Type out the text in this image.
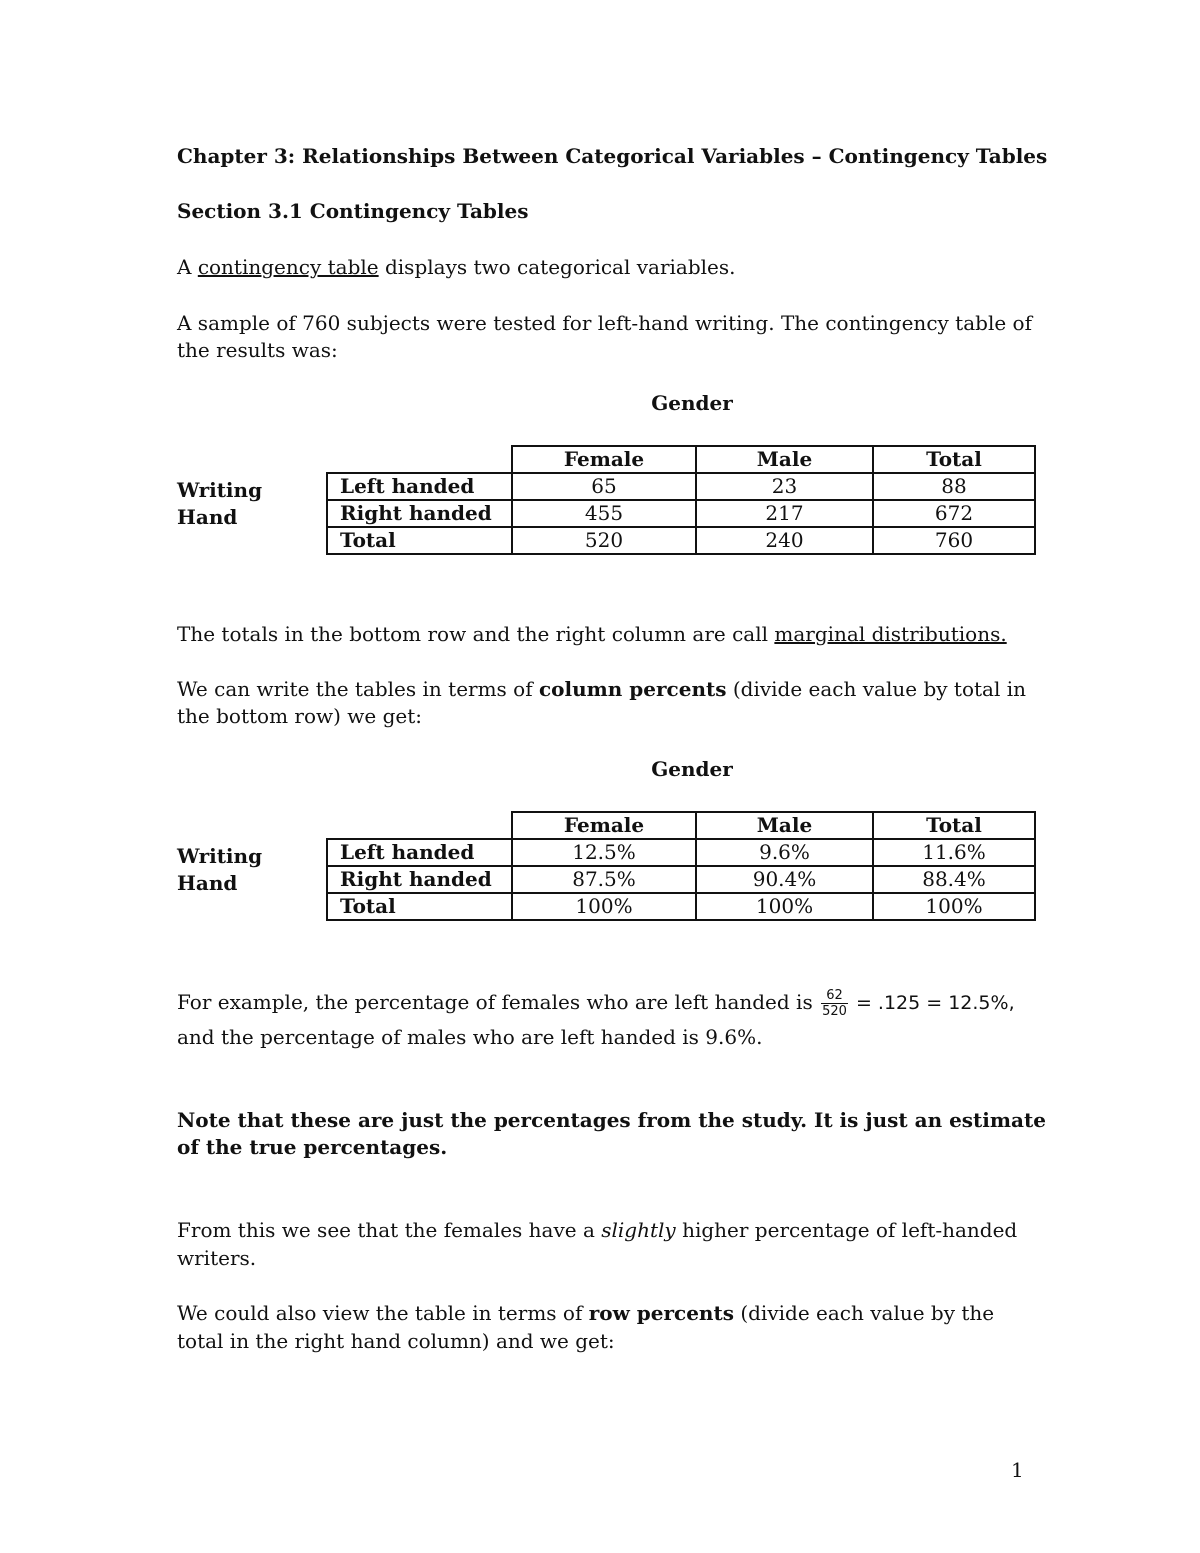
Chapter 3: Relationships Between Categorical Variables – Contingency Tables
Section 3.1 Contingency Tables
A contingency table displays two categorical variables.
A sample of 760 subjects were tested for left-hand writing. The contingency table of
the results was:
Gender
Writing
Hand
	Female	Male	Total
Left handed	65	23	88
Right handed	455	217	672
Total	520	240	760
The totals in the bottom row and the right column are call marginal distributions.
We can write the tables in terms of column percents (divide each value by total in
the bottom row) we get:
Gender
Writing
Hand
	Female	Male	Total
Left handed	12.5%	9.6%	11.6%
Right handed	87.5%	90.4%	88.4%
Total	100%	100%	100%
For example, the percentage of females who are left handed is $\frac{62}{520} = .125 = 12.5\%$,
and the percentage of males who are left handed is 9.6%.
Note that these are just the percentages from the study. It is just an estimate
of the true percentages.
From this we see that the females have a slightly higher percentage of left-handed
writers.
We could also view the table in terms of row percents (divide each value by the
total in the right hand column) and we get:
1
